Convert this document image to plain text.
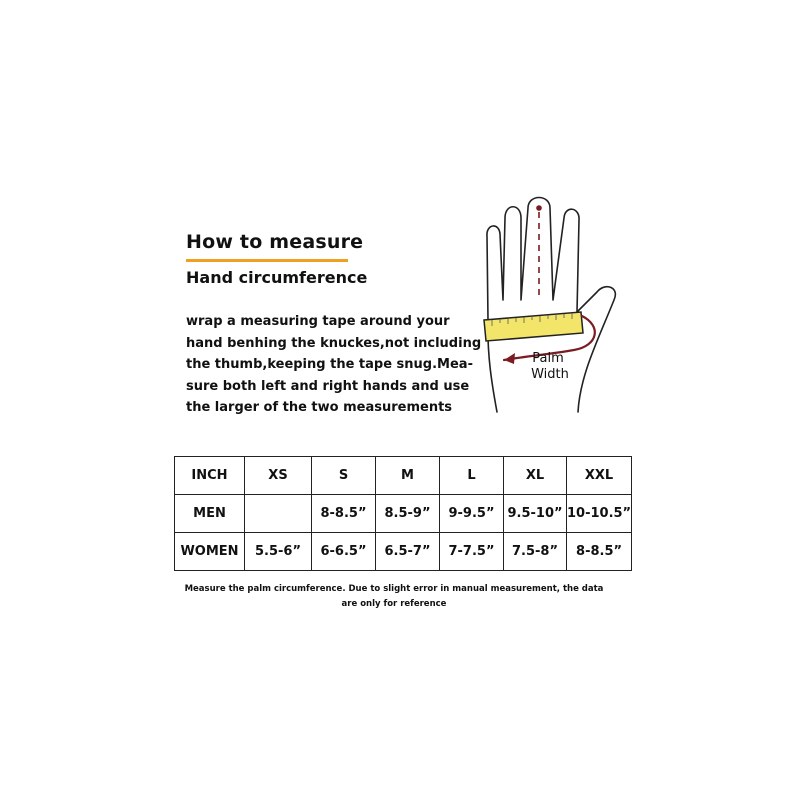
How to measure
Hand circumference
wrap a measuring tape around your
hand benhing the knuckes,not including
the thumb,keeping the tape snug.Mea-
sure both left and right hands and use
the larger of the two measurements
Palm
Width
INCH	XS	S	M	L	XL	XXL
MEN		8-8.5”	8.5-9”	9-9.5”	9.5-10”	10-10.5”
WOMEN	5.5-6”	6-6.5”	6.5-7”	7-7.5”	7.5-8”	8-8.5”
Measure the palm circumference. Due to slight error in manual measurement, the data are only for reference
